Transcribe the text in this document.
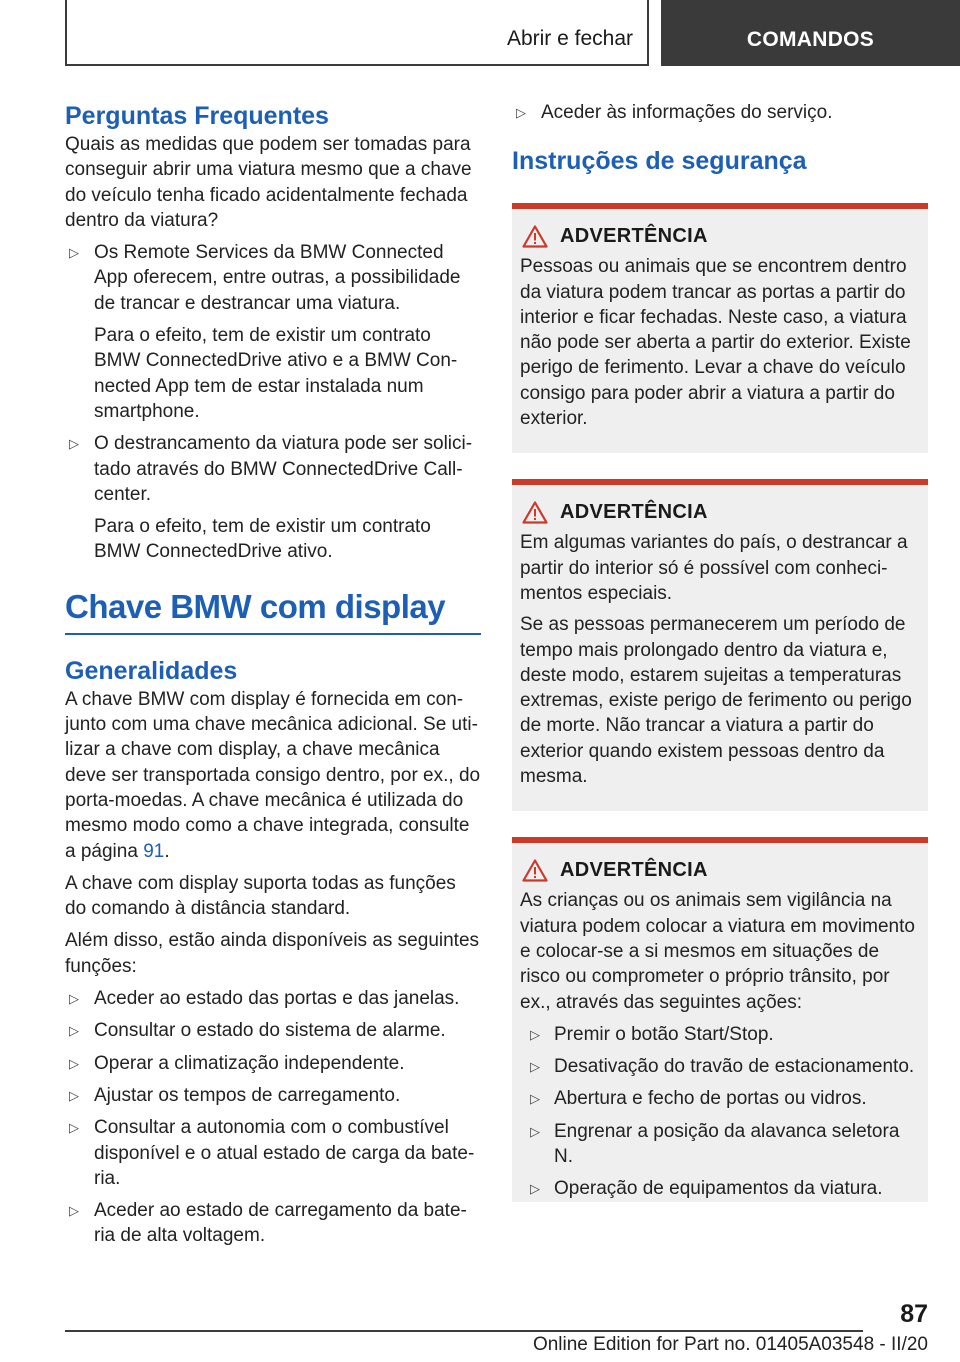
Abrir e fechar	COMANDOS
Perguntas Frequentes

Quais as medidas que podem ser tomadas para conseguir abrir uma viatura mesmo que a chave do veículo tenha ficado acidentalmente fechada dentro da viatura?

▷ Os Remote Services da BMW Connected App oferecem, entre outras, a possibilidade de trancar e destrancar uma viatura.

Para o efeito, tem de existir um contrato BMW ConnectedDrive ativo e a BMW Connected App tem de estar instalada num smartphone.

▷ O destrancamento da viatura pode ser solicitado através do BMW ConnectedDrive Callcenter.

Para o efeito, tem de existir um contrato BMW ConnectedDrive ativo.

Chave BMW com display
Generalidades

A chave BMW com display é fornecida em conjunto com uma chave mecânica adicional. Se utilizar a chave com display, a chave mecânica deve ser transportada consigo dentro, por ex., do porta-moedas. A chave mecânica é utilizada do mesmo modo como a chave integrada, consulte a página 91.

A chave com display suporta todas as funções do comando à distância standard.

Além disso, estão ainda disponíveis as seguintes funções:

▷ Aceder ao estado das portas e das janelas.
▷ Consultar o estado do sistema de alarme.
▷ Operar a climatização independente.
▷ Ajustar os tempos de carregamento.
▷ Consultar a autonomia com o combustível disponível e o atual estado de carga da bateria.
▷ Aceder ao estado de carregamento da bateria de alta voltagem.
▷ Aceder às informações do serviço.
Instruções de segurança
ADVERTÊNCIA

Pessoas ou animais que se encontrem dentro da viatura podem trancar as portas a partir do interior e ficar fechadas. Neste caso, a viatura não pode ser aberta a partir do exterior. Existe perigo de ferimento. Levar a chave do veículo consigo para poder abrir a viatura a partir do exterior.

ADVERTÊNCIA

Em algumas variantes do país, o destrancar a partir do interior só é possível com conhecimentos especiais.

Se as pessoas permanecerem um período de tempo mais prolongado dentro da viatura e, deste modo, estarem sujeitas a temperaturas extremas, existe perigo de ferimento ou perigo de morte. Não trancar a viatura a partir do exterior quando existem pessoas dentro da mesma.

ADVERTÊNCIA

As crianças ou os animais sem vigilância na viatura podem colocar a viatura em movimento e colocar-se a si mesmos em situações de risco ou comprometer o próprio trânsito, por ex., através das seguintes ações:

▷ Premir o botão Start/Stop.
▷ Desativação do travão de estacionamento.
▷ Abertura e fecho de portas ou vidros.
▷ Engrenar a posição da alavanca seletora N.
▷ Operação de equipamentos da viatura.
87
Online Edition for Part no. 01405A03548 - II/20
